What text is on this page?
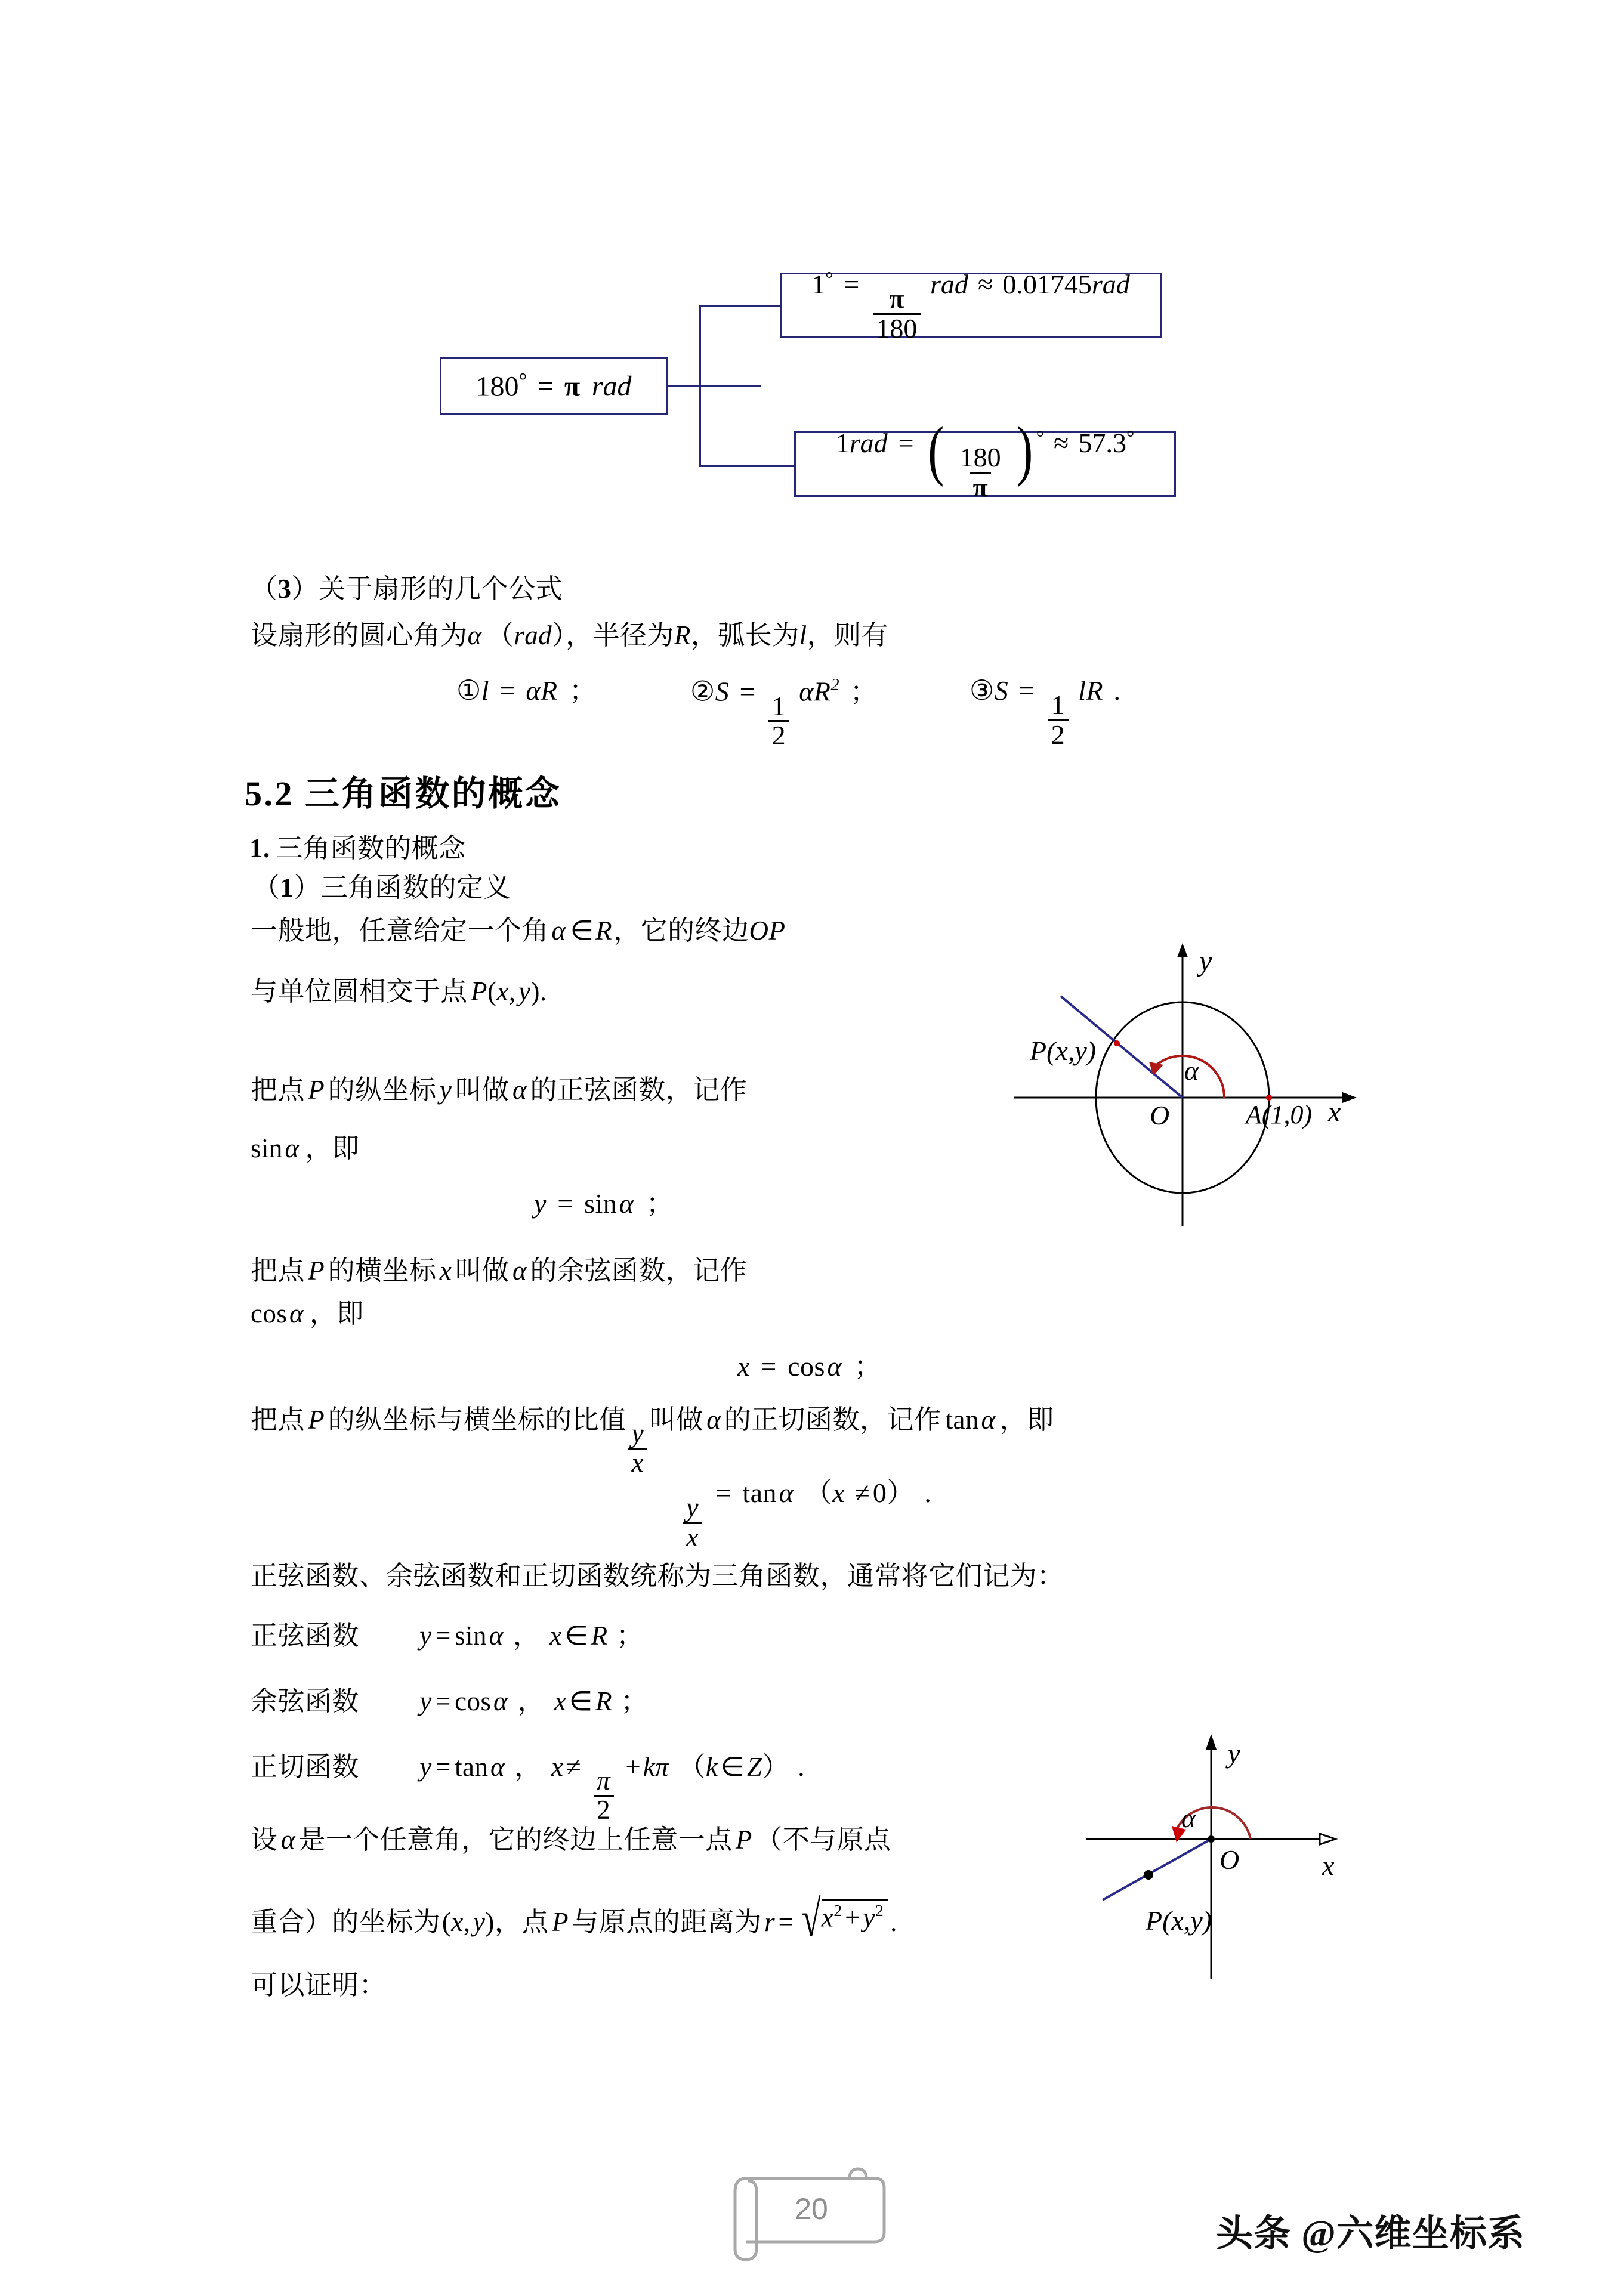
180° = π rad
1° =
$\frac{\pi}{180}$
rad ≈ 0.01745rad
1rad = ( $\frac{180}{\pi}$ ) ° ≈ 57.3°
（3）关于扇形的几个公式
设扇形的圆心角为α （rad），半径为R，弧长为l，则有
①l = αR ；	②S =
$\frac{1}{2}$
$\alpha R^2$ ；	③S =
$\frac{1}{2}$
lR .
5.2 三角函数的概念
1. 三角函数的概念
（1）三角函数的定义
一般地，任意给定一个角 α ∈R，它的终边OP
与单位圆相交于点 P(x, y).
把点 P 的纵坐标 y 叫做 α 的正弦函数，记作
sinα ，即
y = sinα ；
把点 P 的横坐标 x 叫做 α 的余弦函数，记作
cosα ，即
x = cosα ；
把点 P 的纵坐标与横坐标的比值
$\frac{y}{x}$
叫做 α 的正切函数，记作 tanα ，即
$\frac{y}{x}$
= tanα （x ≠0） .
正弦函数、余弦函数和正切函数统称为三角函数，通常将它们记为：
正弦函数 y = sinα ， x ∈ R ；
余弦函数 y = cosα ， x ∈ R ；
正切函数 y = tanα ， x ≠
$\frac{\pi}{2}$
+kπ （k ∈ Z） .
设 α 是一个任意角，它的终边上任意一点 P （不与原点
重合）的坐标为(x, y)，点 P 与原点的距离为 r = √ $x^2 + y^2$ .
可以证明：
y
x
O
P(x,y)
A(1,0)
α
y
x
O
P(x,y)
α
20
头条 @六维坐标系
